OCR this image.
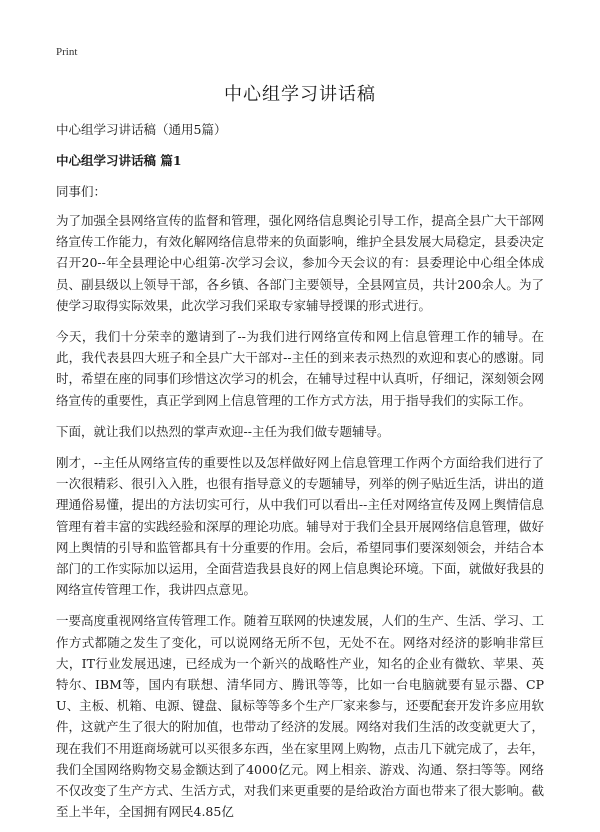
Print
中心组学习讲话稿

中心组学习讲话稿（通用5篇）

中心组学习讲话稿 篇1

同事们：

为了加强全县网络宣传的监督和管理，强化网络信息舆论引导工作，提高全县广大干部网络宣传工作能力，有效化解网络信息带来的负面影响，维护全县发展大局稳定，县委决定召开20--年全县理论中心组第-次学习会议，参加今天会议的有：县委理论中心组全体成员、副县级以上领导干部，各乡镇、各部门主要领导，全县网宣员，共计200余人。为了使学习取得实际效果，此次学习我们采取专家辅导授课的形式进行。

今天，我们十分荣幸的邀请到了--为我们进行网络宣传和网上信息管理工作的辅导。在此，我代表县四大班子和全县广大干部对--主任的到来表示热烈的欢迎和衷心的感谢。同时，希望在座的同事们珍惜这次学习的机会，在辅导过程中认真听，仔细记，深刻领会网络宣传的重要性，真正学到网上信息管理的工作方式方法，用于指导我们的实际工作。

下面，就让我们以热烈的掌声欢迎--主任为我们做专题辅导。

刚才，--主任从网络宣传的重要性以及怎样做好网上信息管理工作两个方面给我们进行了一次很精彩、很引入入胜，也很有指导意义的专题辅导，列举的例子贴近生活，讲出的道理通俗易懂，提出的方法切实可行，从中我们可以看出--主任对网络宣传及网上舆情信息管理有着丰富的实践经验和深厚的理论功底。辅导对于我们全县开展网络信息管理，做好网上舆情的引导和监管都具有十分重要的作用。会后，希望同事们要深刻领会，并结合本部门的工作实际加以运用，全面营造我县良好的网上信息舆论环境。下面，就做好我县的网络宣传管理工作，我讲四点意见。

一要高度重视网络宣传管理工作。随着互联网的快速发展，人们的生产、生活、学习、工作方式都随之发生了变化，可以说网络无所不包，无处不在。网络对经济的影响非常巨大，IT行业发展迅速，已经成为一个新兴的战略性产业，知名的企业有微软、苹果、英特尔、IBM等，国内有联想、清华同方、腾讯等等，比如一台电脑就要有显示器、CPU、主板、机箱、电源、键盘、鼠标等等多个生产厂家来参与，还要配套开发许多应用软件，这就产生了很大的附加值，也带动了经济的发展。网络对我们生活的改变就更大了，现在我们不用逛商场就可以买很多东西，坐在家里网上购物，点击几下就完成了，去年，我们全国网络购物交易金额达到了4000亿元。网上相亲、游戏、沟通、祭扫等等。网络不仅改变了生产方式、生活方式，对我们来更重要的是给政治方面也带来了很大影响。截至上半年，全国拥有网民4.85亿
